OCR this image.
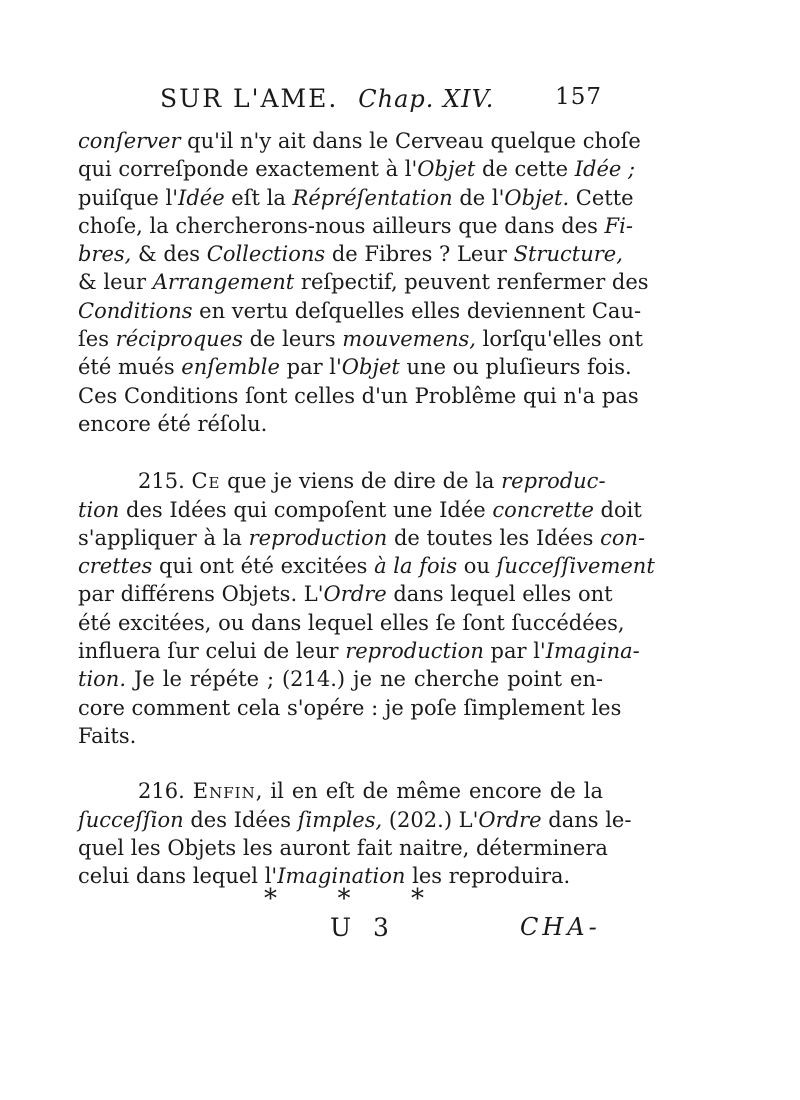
SUR L'AME. Chap. XIV.	157
conſerver qu'il n'y ait dans le Cerveau quelque choſe
qui correſponde exactement à l'Objet de cette Idée ;
puiſque l'Idée eſt la Répréſentation de l'Objet. Cette
choſe, la chercherons-nous ailleurs que dans des Fi-
bres, & des Collections de Fibres ? Leur Structure,
& leur Arrangement reſpectif, peuvent renfermer des
Conditions en vertu deſquelles elles deviennent Cau-
ſes réciproques de leurs mouvemens, lorſqu'elles ont
été mués enſemble par l'Objet une ou pluſieurs fois.
Ces Conditions ſont celles d'un Problême qui n'a pas
encore été réſolu.
215. Ce que je viens de dire de la reproduc-
tion des Idées qui compoſent une Idée concrette doit
s'appliquer à la reproduction de toutes les Idées con-
crettes qui ont été excitées à la fois ou ſucceſſivement
par différens Objets. L'Ordre dans lequel elles ont
été excitées, ou dans lequel elles ſe ſont ſuccédées,
influera ſur celui de leur reproduction par l'Imagina-
tion. Je le répéte ; (214.) je ne cherche point en-
core comment cela s'opére : je poſe ſimplement les
Faits.
216. Enfin, il en eſt de même encore de la
ſucceſſion des Idées ſimples, (202.) L'Ordre dans le-
quel les Objets les auront fait naitre, déterminera
celui dans lequel l'Imagination les reproduira.
* * *
U 3	CHA-
